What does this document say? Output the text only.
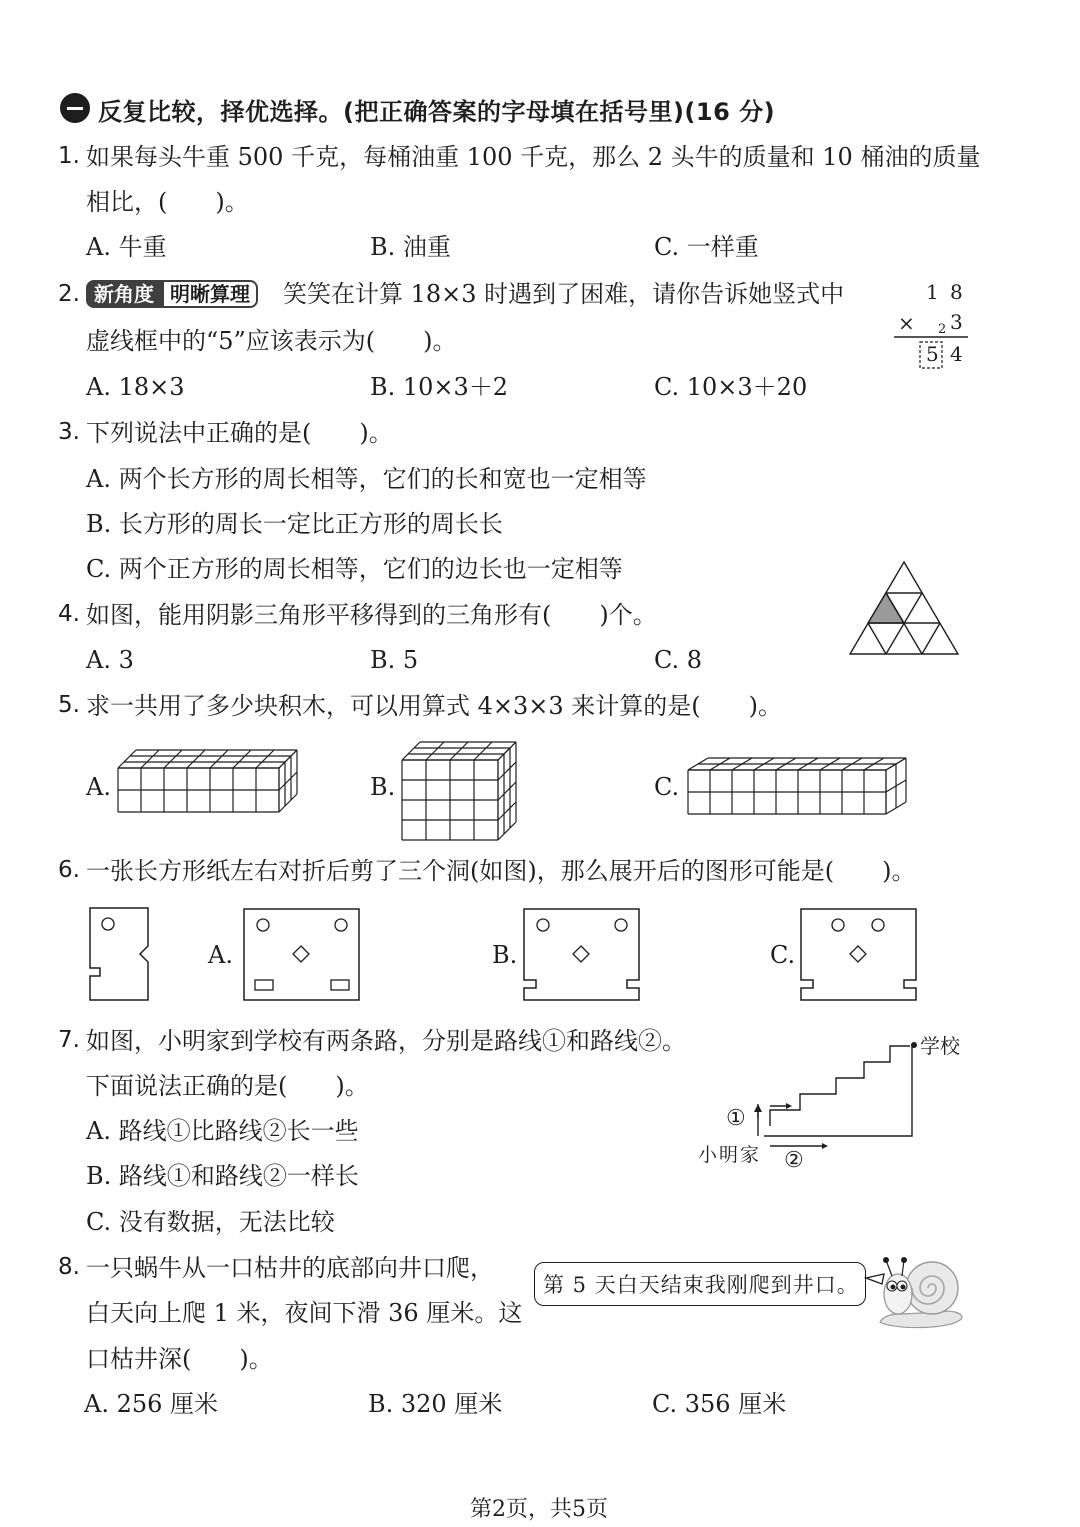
反复比较，择优选择。(把正确答案的字母填在括号里)(16 分)
1. 如果每头牛重 500 千克，每桶油重 100 千克，那么 2 头牛的质量和 10 桶油的质量
相比，(　　)。
A. 牛重	B. 油重	C. 一样重
2. 新角度 明晰算理	笑笑在计算 18×3 时遇到了困难，请你告诉她竖式中
虚线框中的“5”应该表示为(　　)。
A. 18×3	B. 10×3＋2	C. 10×3＋20
1 8
× 2 3
5 4
3. 下列说法中正确的是(　　)。
A. 两个长方形的周长相等，它们的长和宽也一定相等
B. 长方形的周长一定比正方形的周长长
C. 两个正方形的周长相等，它们的边长也一定相等
4. 如图，能用阴影三角形平移得到的三角形有(　　)个。
A. 3	B. 5	C. 8
5. 求一共用了多少块积木，可以用算式 4×3×3 来计算的是(　　)。
A.	B.	C.
6. 一张长方形纸左右对折后剪了三个洞(如图)，那么展开后的图形可能是(　　)。
A.	B.	C.
7. 如图，小明家到学校有两条路，分别是路线①和路线②。
下面说法正确的是(　　)。
A. 路线①比路线②长一些
B. 路线①和路线②一样长
C. 没有数据，无法比较
学校
小明家
①
②
8. 一只蜗牛从一口枯井的底部向井口爬，
白天向上爬 1 米，夜间下滑 36 厘米。这
口枯井深(　　)。
A. 256 厘米	B. 320 厘米	C. 356 厘米
第 5 天白天结束我刚爬到井口。
第2页，共5页
